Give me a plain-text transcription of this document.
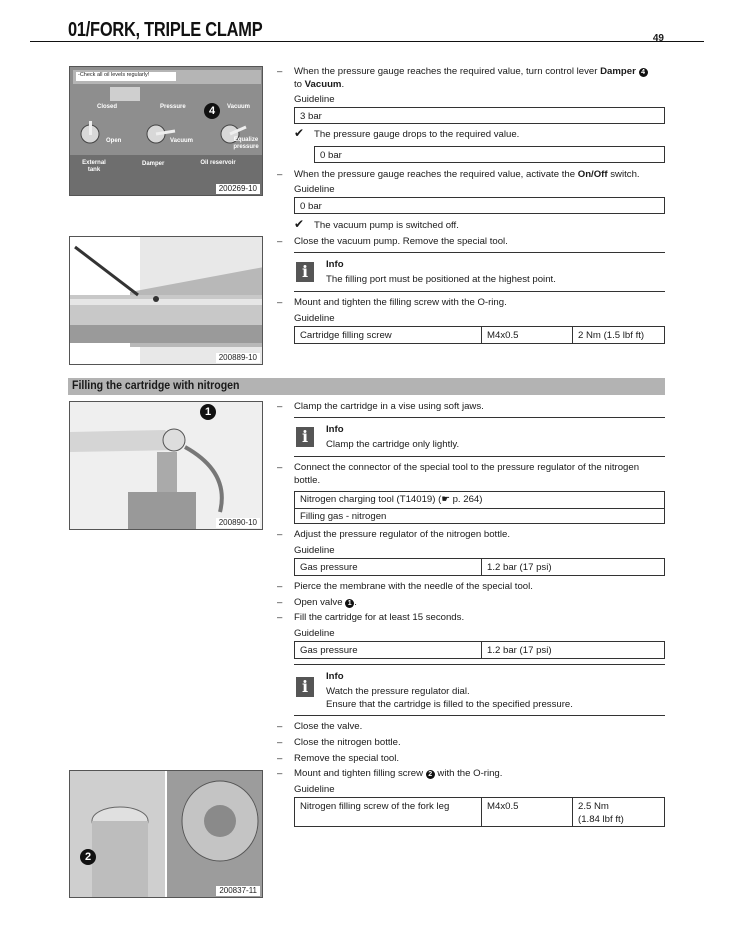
01/FORK, TRIPLE CLAMP	49
-Check all oil levels regularly!
Closed	Pressure	Vacuum
Open	Vacuum	Equalize pressure
External tank
Damper	Oil reservoir
4
200269-10
200889-10
1
200890-10
2
200837-11
–	When the pressure gauge reaches the required value, turn control lever Damper 4
to Vacuum.
Guideline
3 bar
✔ The pressure gauge drops to the required value.
0 bar
–	When the pressure gauge reaches the required value, activate the On/Off switch.
Guideline
0 bar
✔ The vacuum pump is switched off.
–	Close the vacuum pump. Remove the special tool.
i	Info
The filling port must be positioned at the highest point.
–	Mount and tighten the filling screw with the O-ring.
Guideline
Cartridge filling screw	M4x0.5	2 Nm (1.5 lbf ft)
Filling the cartridge with nitrogen
–	Clamp the cartridge in a vise using soft jaws.
i	Info
Clamp the cartridge only lightly.
–	Connect the connector of the special tool to the pressure regulator of the nitrogen
bottle.
Nitrogen charging tool (T14019) (☛ p. 264)
Filling gas - nitrogen
–	Adjust the pressure regulator of the nitrogen bottle.
Guideline
Gas pressure	1.2 bar (17 psi)
–	Pierce the membrane with the needle of the special tool.
–	Open valve 1 .
–	Fill the cartridge for at least 15 seconds.
Guideline
Gas pressure	1.2 bar (17 psi)
i
Info
Watch the pressure regulator dial.
Ensure that the cartridge is filled to the specified pressure.
–	Close the valve.
–	Close the nitrogen bottle.
–	Remove the special tool.
–	Mount and tighten filling screw 2 with the O-ring.
Guideline
Nitrogen filling screw of the fork leg	M4x0.5	2.5 Nm
(1.84 lbf ft)
